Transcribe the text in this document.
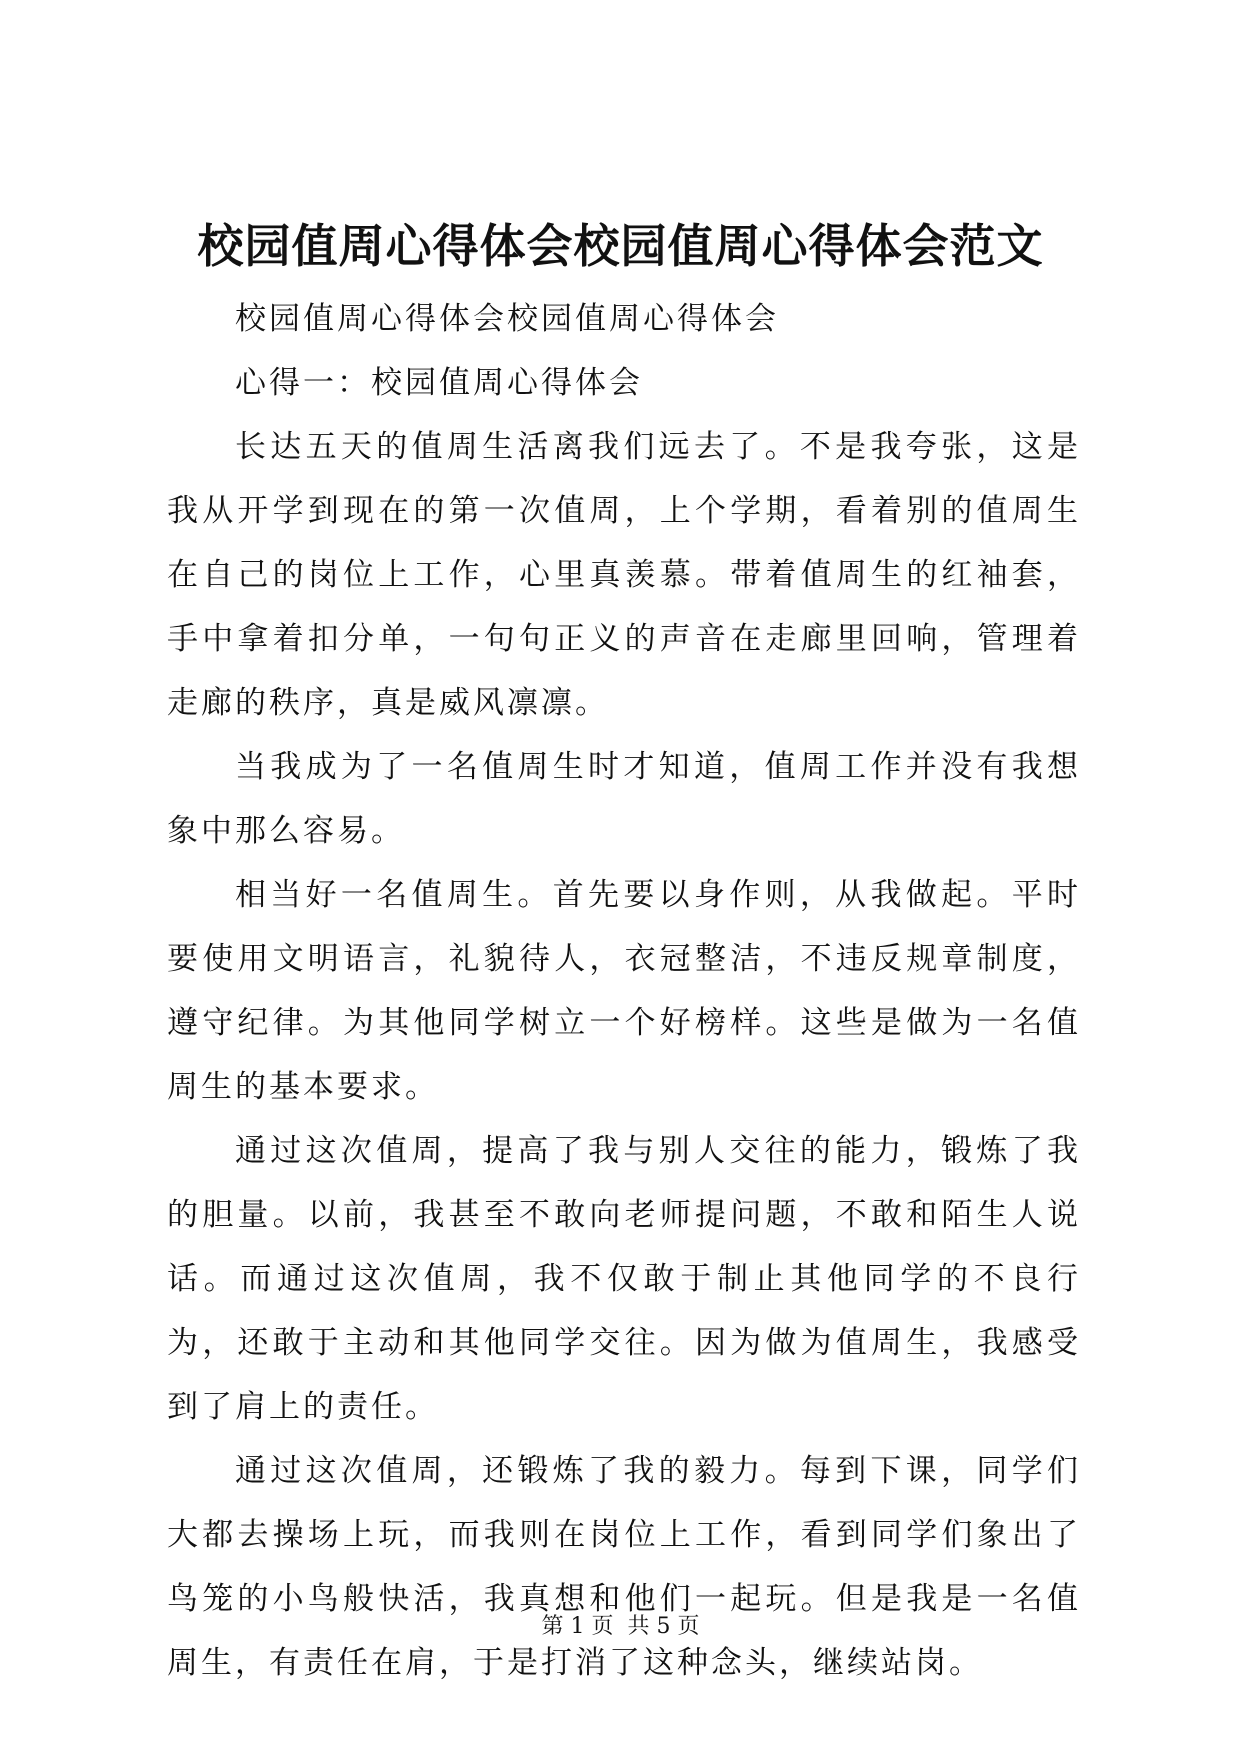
校园值周心得体会校园值周心得体会范文

校园值周心得体会校园值周心得体会

心得一：校园值周心得体会

长达五天的值周生活离我们远去了。不是我夸张，这是我从开学到现在的第一次值周，上个学期，看着别的值周生在自己的岗位上工作，心里真羡慕。带着值周生的红袖套，手中拿着扣分单，一句句正义的声音在走廊里回响，管理着走廊的秩序，真是威风凛凛。

当我成为了一名值周生时才知道，值周工作并没有我想象中那么容易。

相当好一名值周生。首先要以身作则，从我做起。平时要使用文明语言，礼貌待人，衣冠整洁，不违反规章制度，遵守纪律。为其他同学树立一个好榜样。这些是做为一名值周生的基本要求。

通过这次值周，提高了我与别人交往的能力，锻炼了我的胆量。以前，我甚至不敢向老师提问题，不敢和陌生人说话。而通过这次值周，我不仅敢于制止其他同学的不良行为，还敢于主动和其他同学交往。因为做为值周生，我感受到了肩上的责任。

通过这次值周，还锻炼了我的毅力。每到下课，同学们大都去操场上玩，而我则在岗位上工作，看到同学们象出了鸟笼的小鸟般快活，我真想和他们一起玩。但是我是一名值周生，有责任在肩，于是打消了这种念头，继续站岗。

第 1 页 共 5 页
